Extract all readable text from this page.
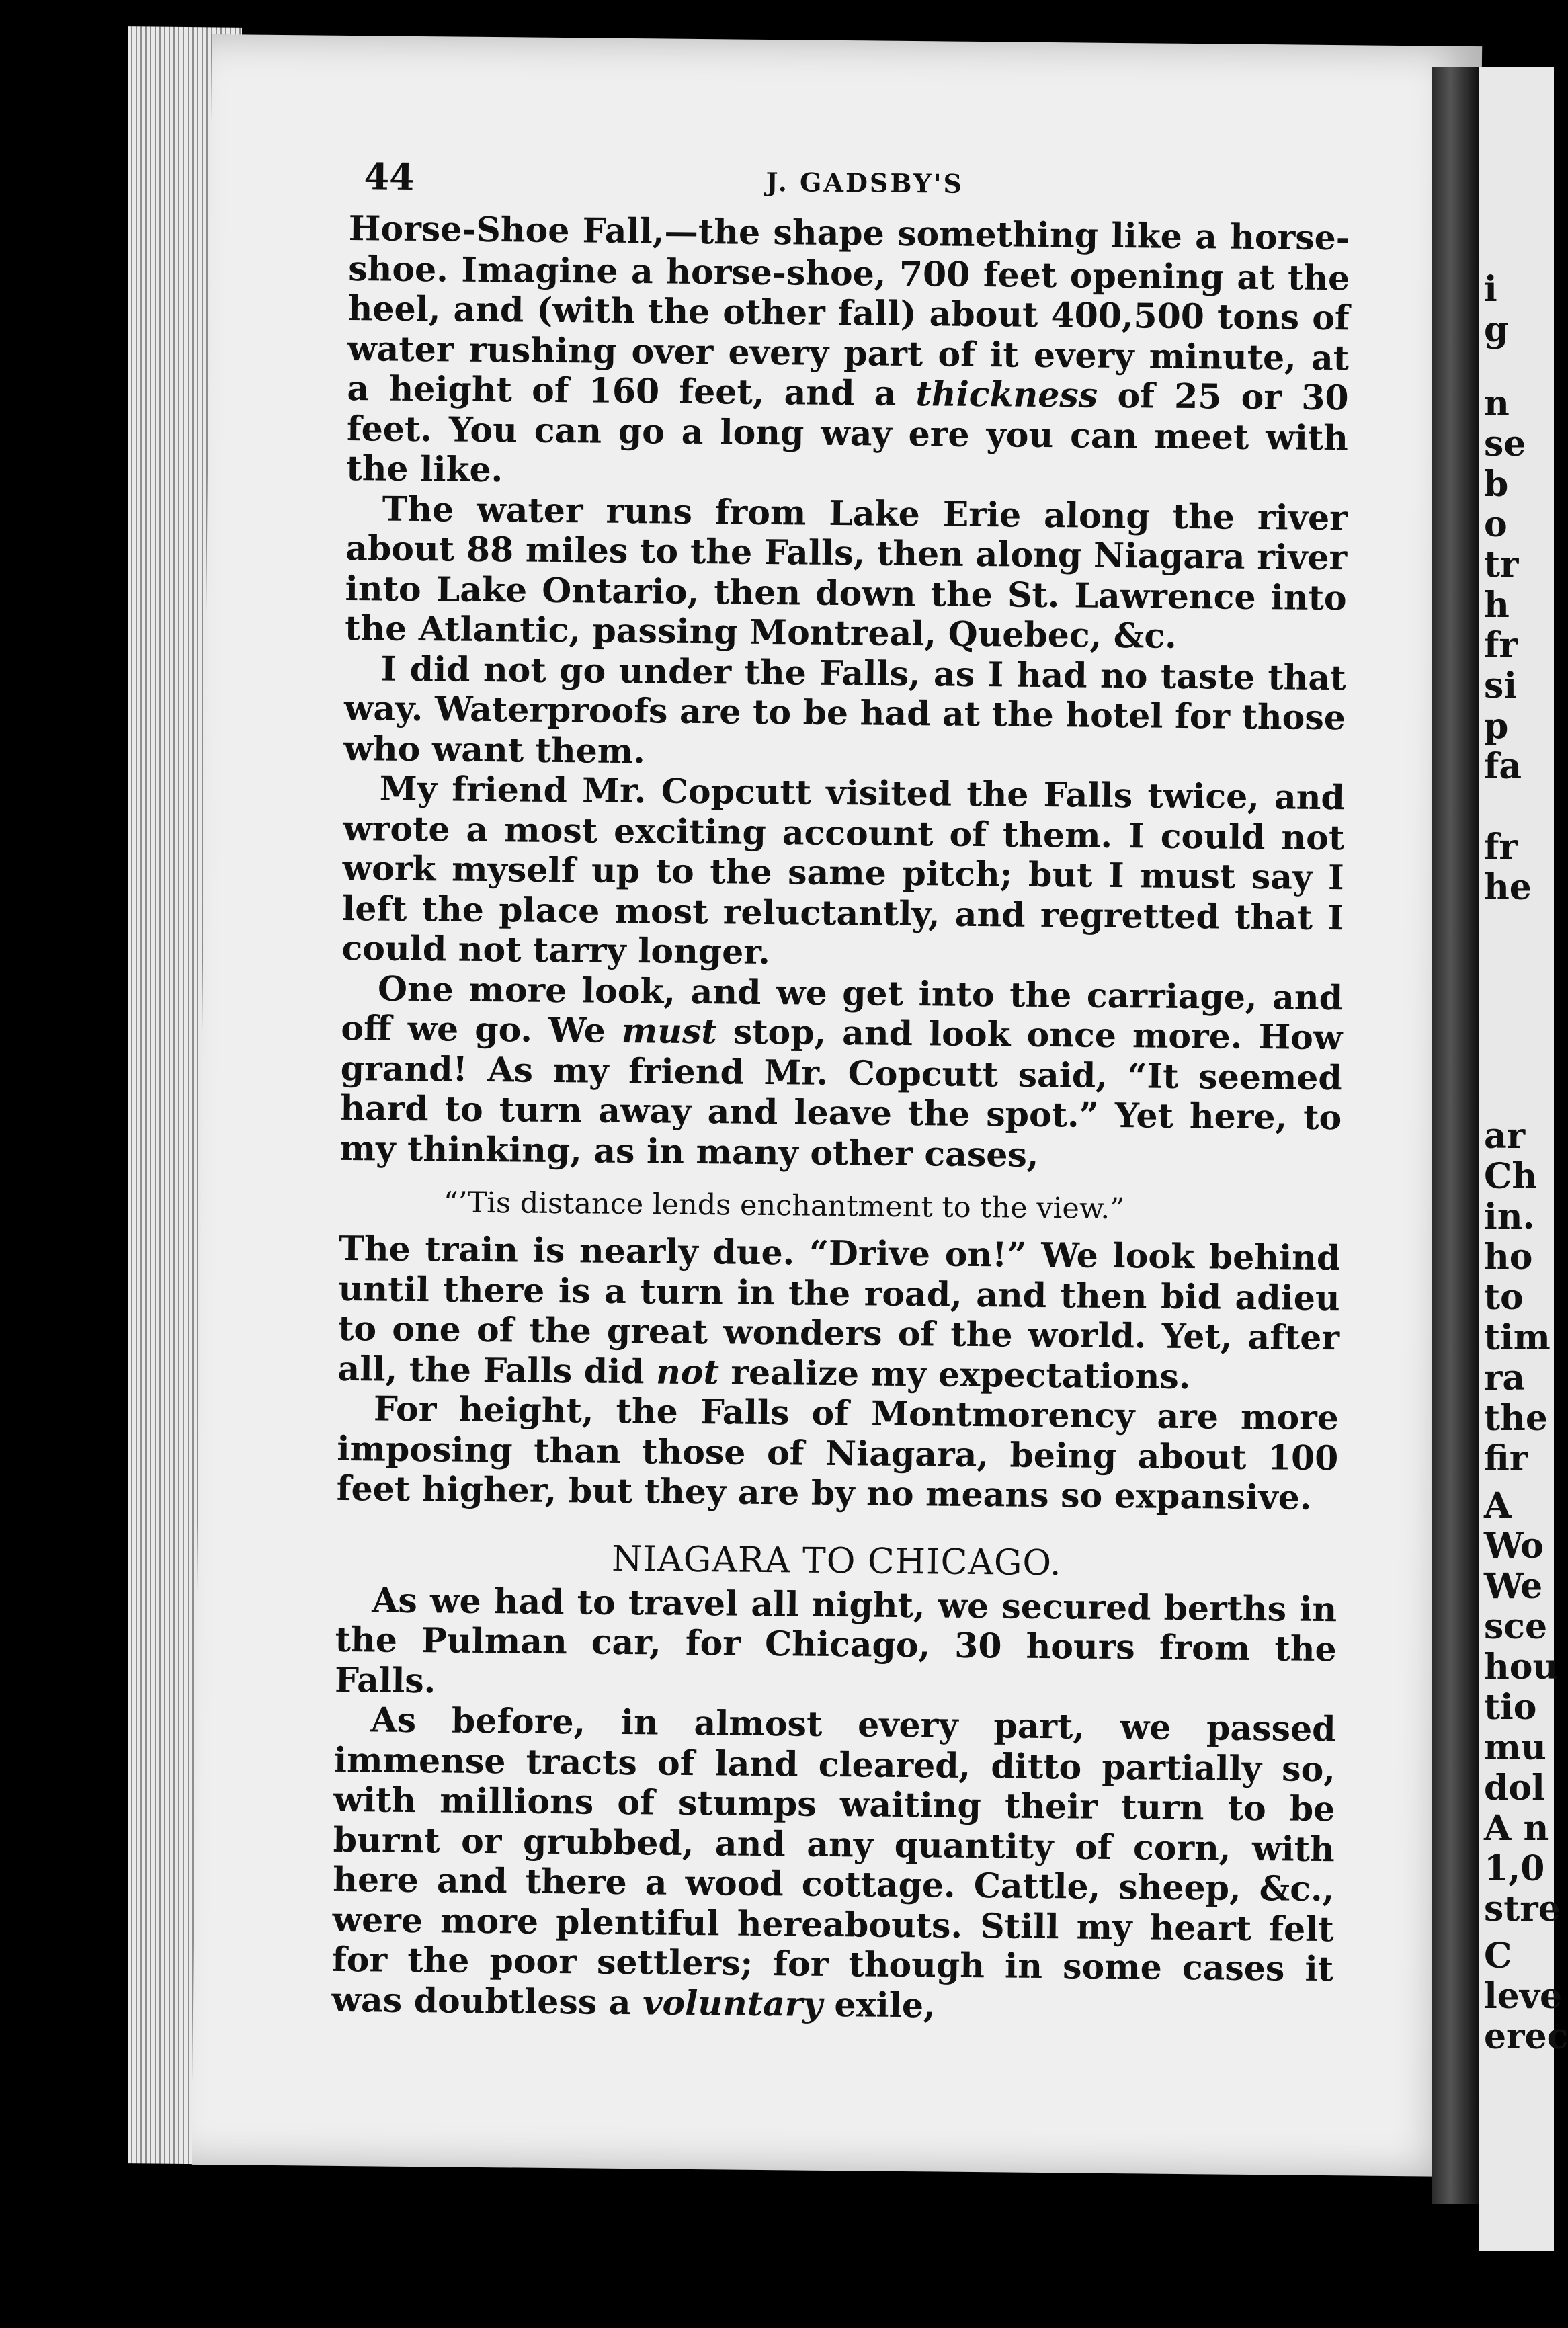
i
g
n
se
b
o
tr
h
fr
si
p
fa
fr
he
ar
Ch
in.
ho
to
tim
ra
the
fir
A
Wo
We
sce
hou
tio
mu
dol
A n
1,0
stre
C
leve
erec
44	J. GADSBY'S

Horse-Shoe Fall,—the shape something like a horse-shoe. Imagine a horse-shoe, 700 feet opening at the heel, and (with the other fall) about 400,500 tons of water rushing over every part of it every minute, at a height of 160 feet, and a thickness of 25 or 30 feet. You can go a long way ere you can meet with the like.

The water runs from Lake Erie along the river about 88 miles to the Falls, then along Niagara river into Lake Ontario, then down the St. Lawrence into the Atlantic, passing Montreal, Quebec, &c.

I did not go under the Falls, as I had no taste that way. Waterproofs are to be had at the hotel for those who want them.

My friend Mr. Copcutt visited the Falls twice, and wrote a most exciting account of them. I could not work myself up to the same pitch; but I must say I left the place most reluctantly, and regretted that I could not tarry longer.

One more look, and we get into the carriage, and off we go. We must stop, and look once more. How grand! As my friend Mr. Copcutt said, “It seemed hard to turn away and leave the spot.” Yet here, to my thinking, as in many other cases,

“’Tis distance lends enchantment to the view.”

The train is nearly due. “Drive on!” We look behind until there is a turn in the road, and then bid adieu to one of the great wonders of the world. Yet, after all, the Falls did not realize my expectations.

For height, the Falls of Montmorency are more imposing than those of Niagara, being about 100 feet higher, but they are by no means so expansive.

NIAGARA TO CHICAGO.

As we had to travel all night, we secured berths in the Pulman car, for Chicago, 30 hours from the Falls.

As before, in almost every part, we passed immense tracts of land cleared, ditto partially so, with millions of stumps waiting their turn to be burnt or grubbed, and any quantity of corn, with here and there a wood cottage. Cattle, sheep, &c., were more plentiful hereabouts. Still my heart felt for the poor settlers; for though in some cases it was doubtless a voluntary exile,
